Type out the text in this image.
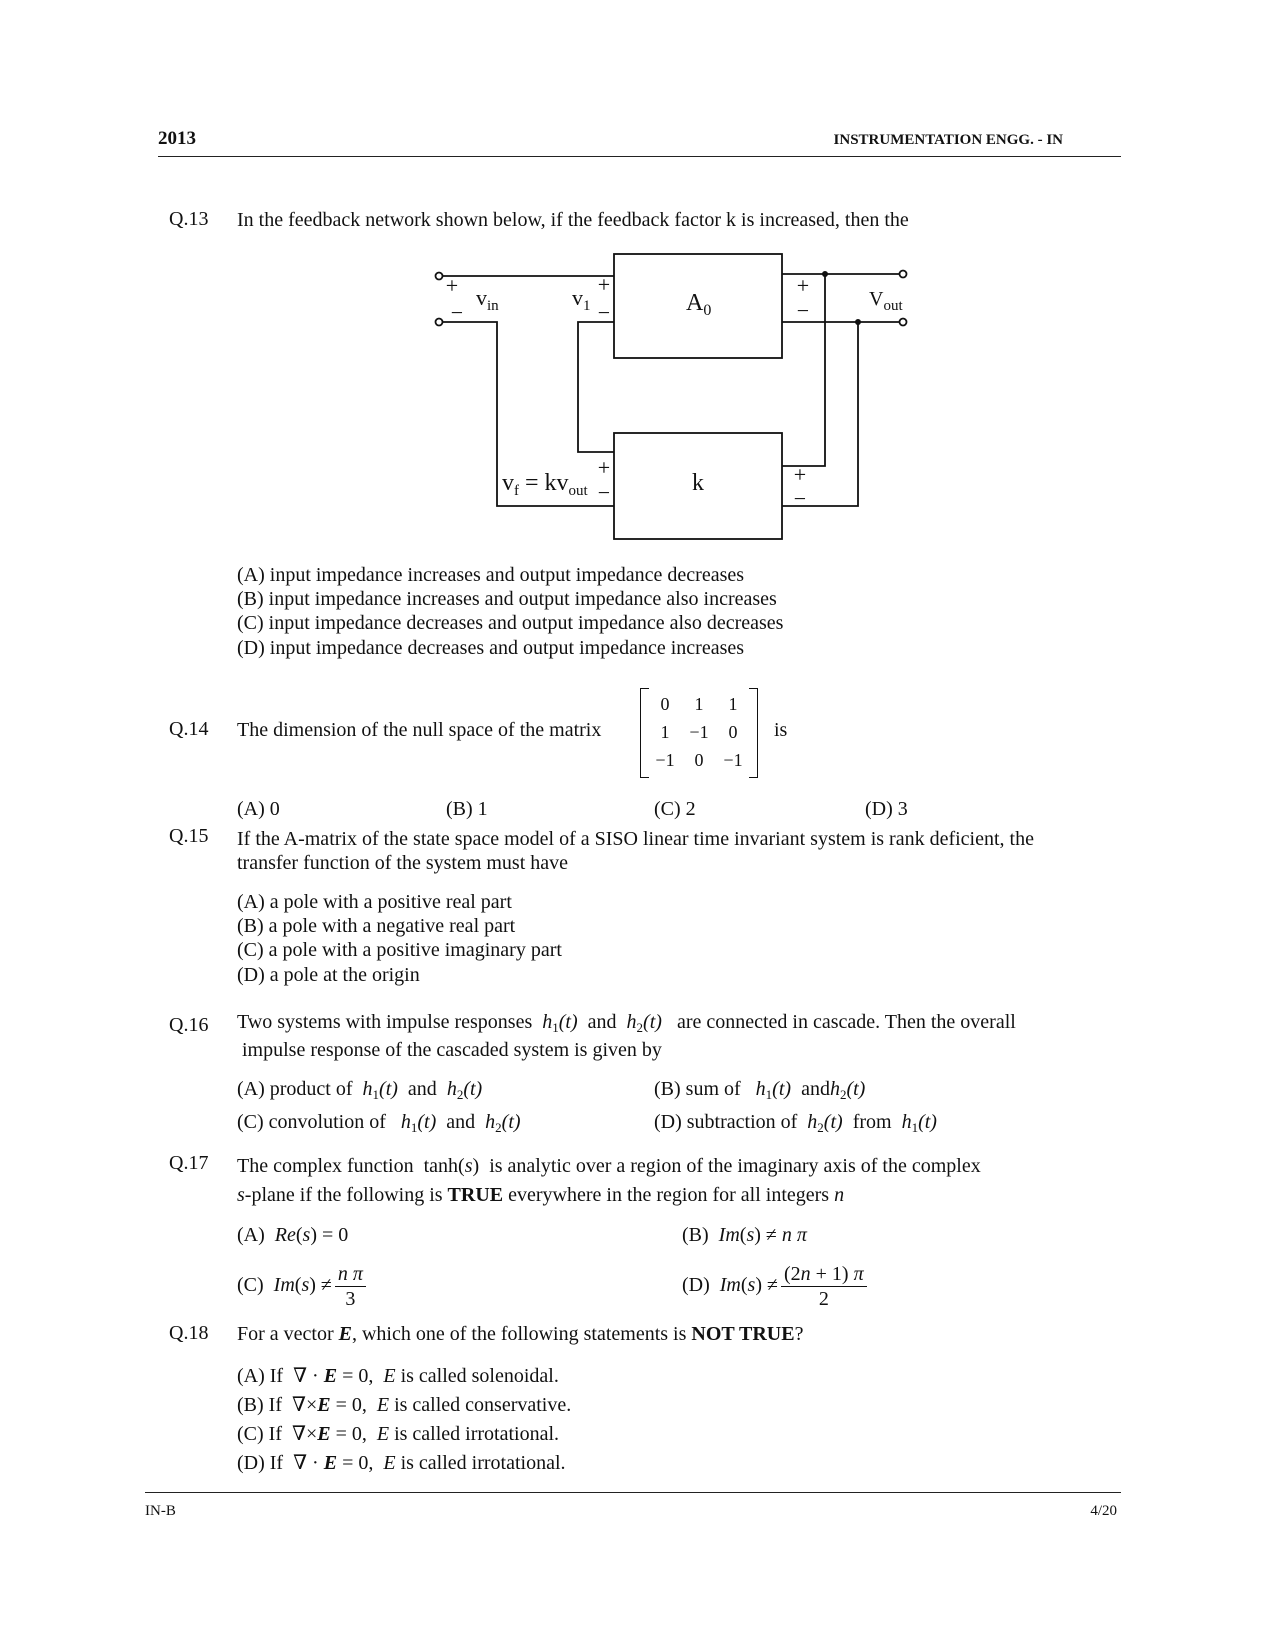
2013	INSTRUMENTATION ENGG. - IN
Q.13 In the feedback network shown below, if the feedback factor k is increased, then the
+
−
+
−
+
−
+
−
+
−
$v_{in}$	$v_1$	$A_0$
$V_{out}$
k
$v_f = kv_{out}$
(A) input impedance increases and output impedance decreases
(B) input impedance increases and output impedance also increases
(C) input impedance decreases and output impedance also decreases
(D) input impedance decreases and output impedance increases
Q.14 The dimension of the null space of the matrix
0	1	1
1	−1	0
−1	0	−1
is
(A) 0	(B) 1	(C) 2	(D) 3
Q.15 If the A-matrix of the state space model of a SISO linear time invariant system is rank deficient, the
transfer function of the system must have
(A) a pole with a positive real part
(B) a pole with a negative real part
(C) a pole with a positive imaginary part
(D) a pole at the origin
Q.16 Two systems with impulse responses $h_1(t)$ and $h_2(t)$ are connected in cascade. Then the overall
impulse response of the cascaded system is given by
(A) product of $h_1(t)$ and $h_2(t)$	(B) sum of $h_1(t)$ andh$_2$(t)
(C) convolution of $h_1(t)$ and $h_2(t)$	(D) subtraction of $h_2(t)$ from $h_1(t)$
Q.17 The complex function tanh(s) is analytic over a region of the imaginary axis of the complex
s-plane if the following is TRUE everywhere in the region for all integers n
(A) Re(s) = 0	(B) Im(s) ≠ n π
(C) $Im(s) \ne \frac{\text{n π}}{3}$	(D) $Im(s) \ne \frac{(2n + 1) \pi}{2}$
Q.18 For a vector E, which one of the following statements is NOT TRUE?
(A) If ∇ · E = 0,  E is called solenoidal.
(B) If ∇×E = 0,  E is called conservative.
(C) If ∇×E = 0,  E is called irrotational.
(D) If ∇ · E = 0,  E is called irrotational.
IN-B	4/20
